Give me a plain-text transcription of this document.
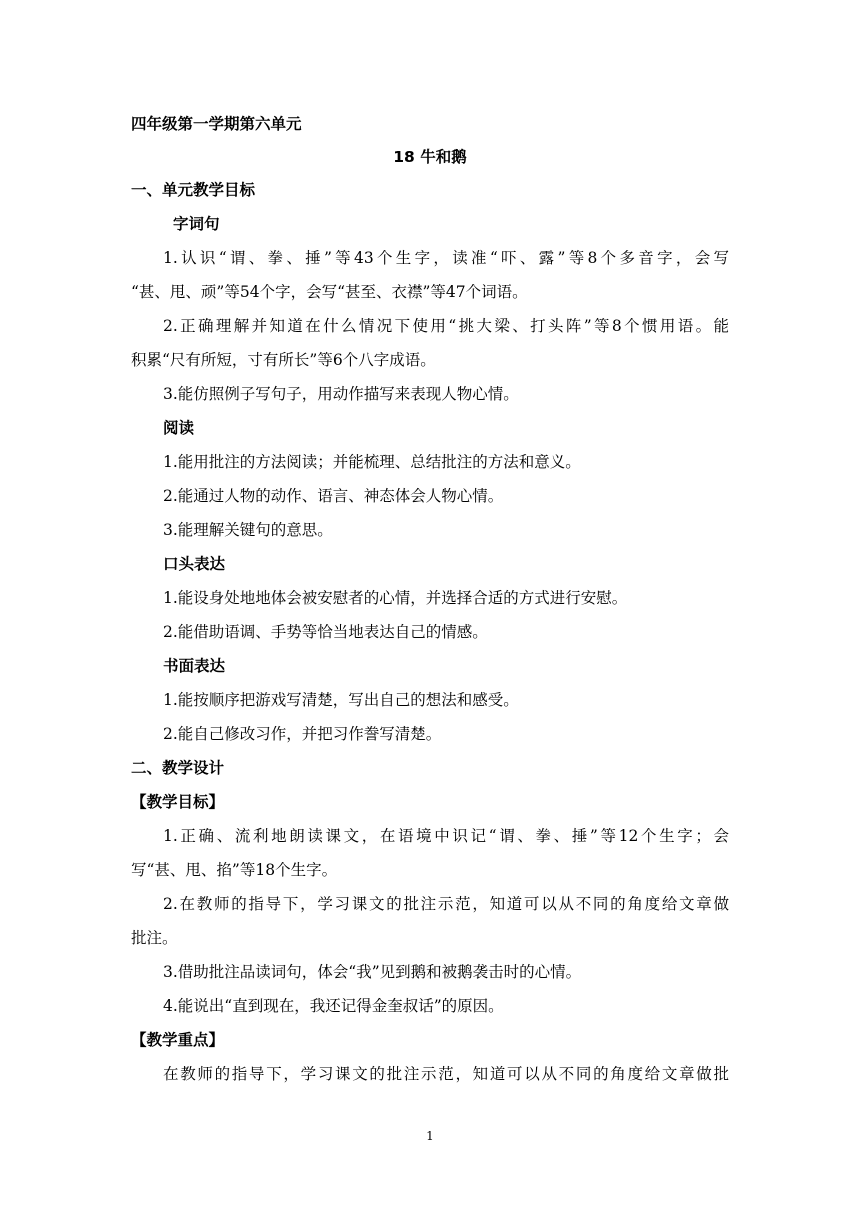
四年级第一学期第六单元
18 牛和鹅
一、单元教学目标
字词句
1.认识“谓、拳、捶”等43个生字，读准“吓、露”等8个多音字，会写
“甚、甩、顽”等54个字，会写“甚至、衣襟”等47个词语。
2.正确理解并知道在什么情况下使用“挑大梁、打头阵”等8个惯用语。能
积累“尺有所短，寸有所长”等6个八字成语。
3.能仿照例子写句子，用动作描写来表现人物心情。
阅读
1.能用批注的方法阅读；并能梳理、总结批注的方法和意义。
2.能通过人物的动作、语言、神态体会人物心情。
3.能理解关键句的意思。
口头表达
1.能设身处地地体会被安慰者的心情，并选择合适的方式进行安慰。
2.能借助语调、手势等恰当地表达自己的情感。
书面表达
1.能按顺序把游戏写清楚，写出自己的想法和感受。
2.能自己修改习作，并把习作誊写清楚。
二、教学设计
【教学目标】
1.正确、流利地朗读课文，在语境中识记“谓、拳、捶”等12个生字；会
写“甚、甩、掐”等18个生字。
2.在教师的指导下，学习课文的批注示范，知道可以从不同的角度给文章做
批注。
3.借助批注品读词句，体会“我”见到鹅和被鹅袭击时的心情。
4.能说出“直到现在，我还记得金奎叔话”的原因。
【教学重点】
在教师的指导下，学习课文的批注示范，知道可以从不同的角度给文章做批
1
